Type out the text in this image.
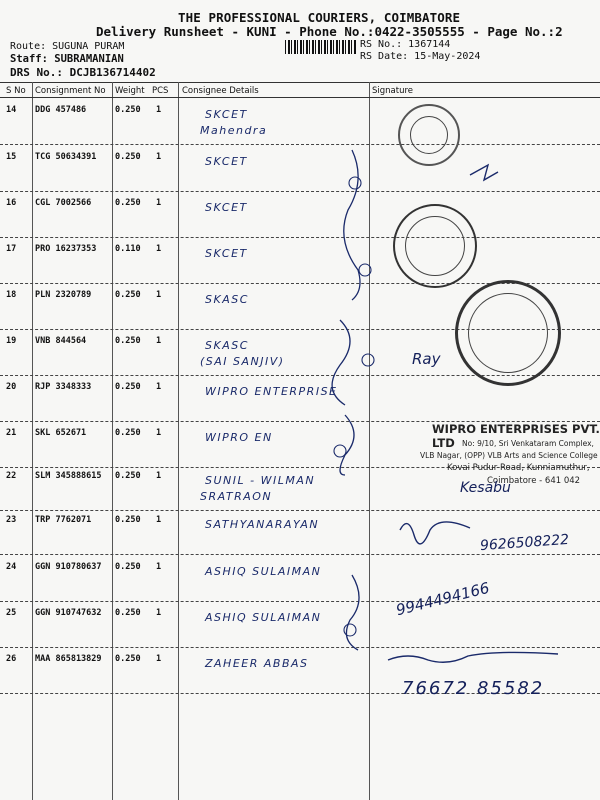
THE PROFESSIONAL COURIERS, COIMBATORE
Delivery Runsheet - KUNI - Phone No.:0422-3505555 - Page No.:2
Route: SUGUNA PURAM
Staff: SUBRAMANIAN
DRS No.: DCJB136714402
RS No.: 1367144
RS Date: 15-May-2024
S No Consignment No Weight PCS Consignee Details	Signature
14 DDG 457486	0.250 1	SKCET
Mahendra
15 TCG 50634391 0.250 1	SKCET
16 CGL 7002566	0.250 1	SKCET
17 PRO 16237353 0.110 1	SKCET
18 PLN 2320789	0.250 1	SKASC
19 VNB 844564	0.250 1	SKASC
(SAI SANJIV)
20 RJP 3348333	0.250 1	WIPRO ENTERPRISE
21 SKL 652671	0.250 1	WIPRO EN
22 SLM 345888615 0.250 1	SUNIL - WILMAN
SRATRAON
23 TRP 7762071	0.250 1	SATHYANARAYAN
24 GGN 910780637 0.250 1	ASHIQ SULAIMAN
25 GGN 910747632 0.250 1	ASHIQ SULAIMAN
26 MAA 865813829 0.250 1	ZAHEER ABBAS
WIPRO ENTERPRISES PVT. LTD No: 9/10, Sri Venkataram Complex,
VLB Nagar, (OPP) VLB Arts and Science College
Kovai Pudur Road, Kunniamuthur,
Coimbatore - 641 042
Ray
Kesabu
9626508222
9944494166
76672 85582
